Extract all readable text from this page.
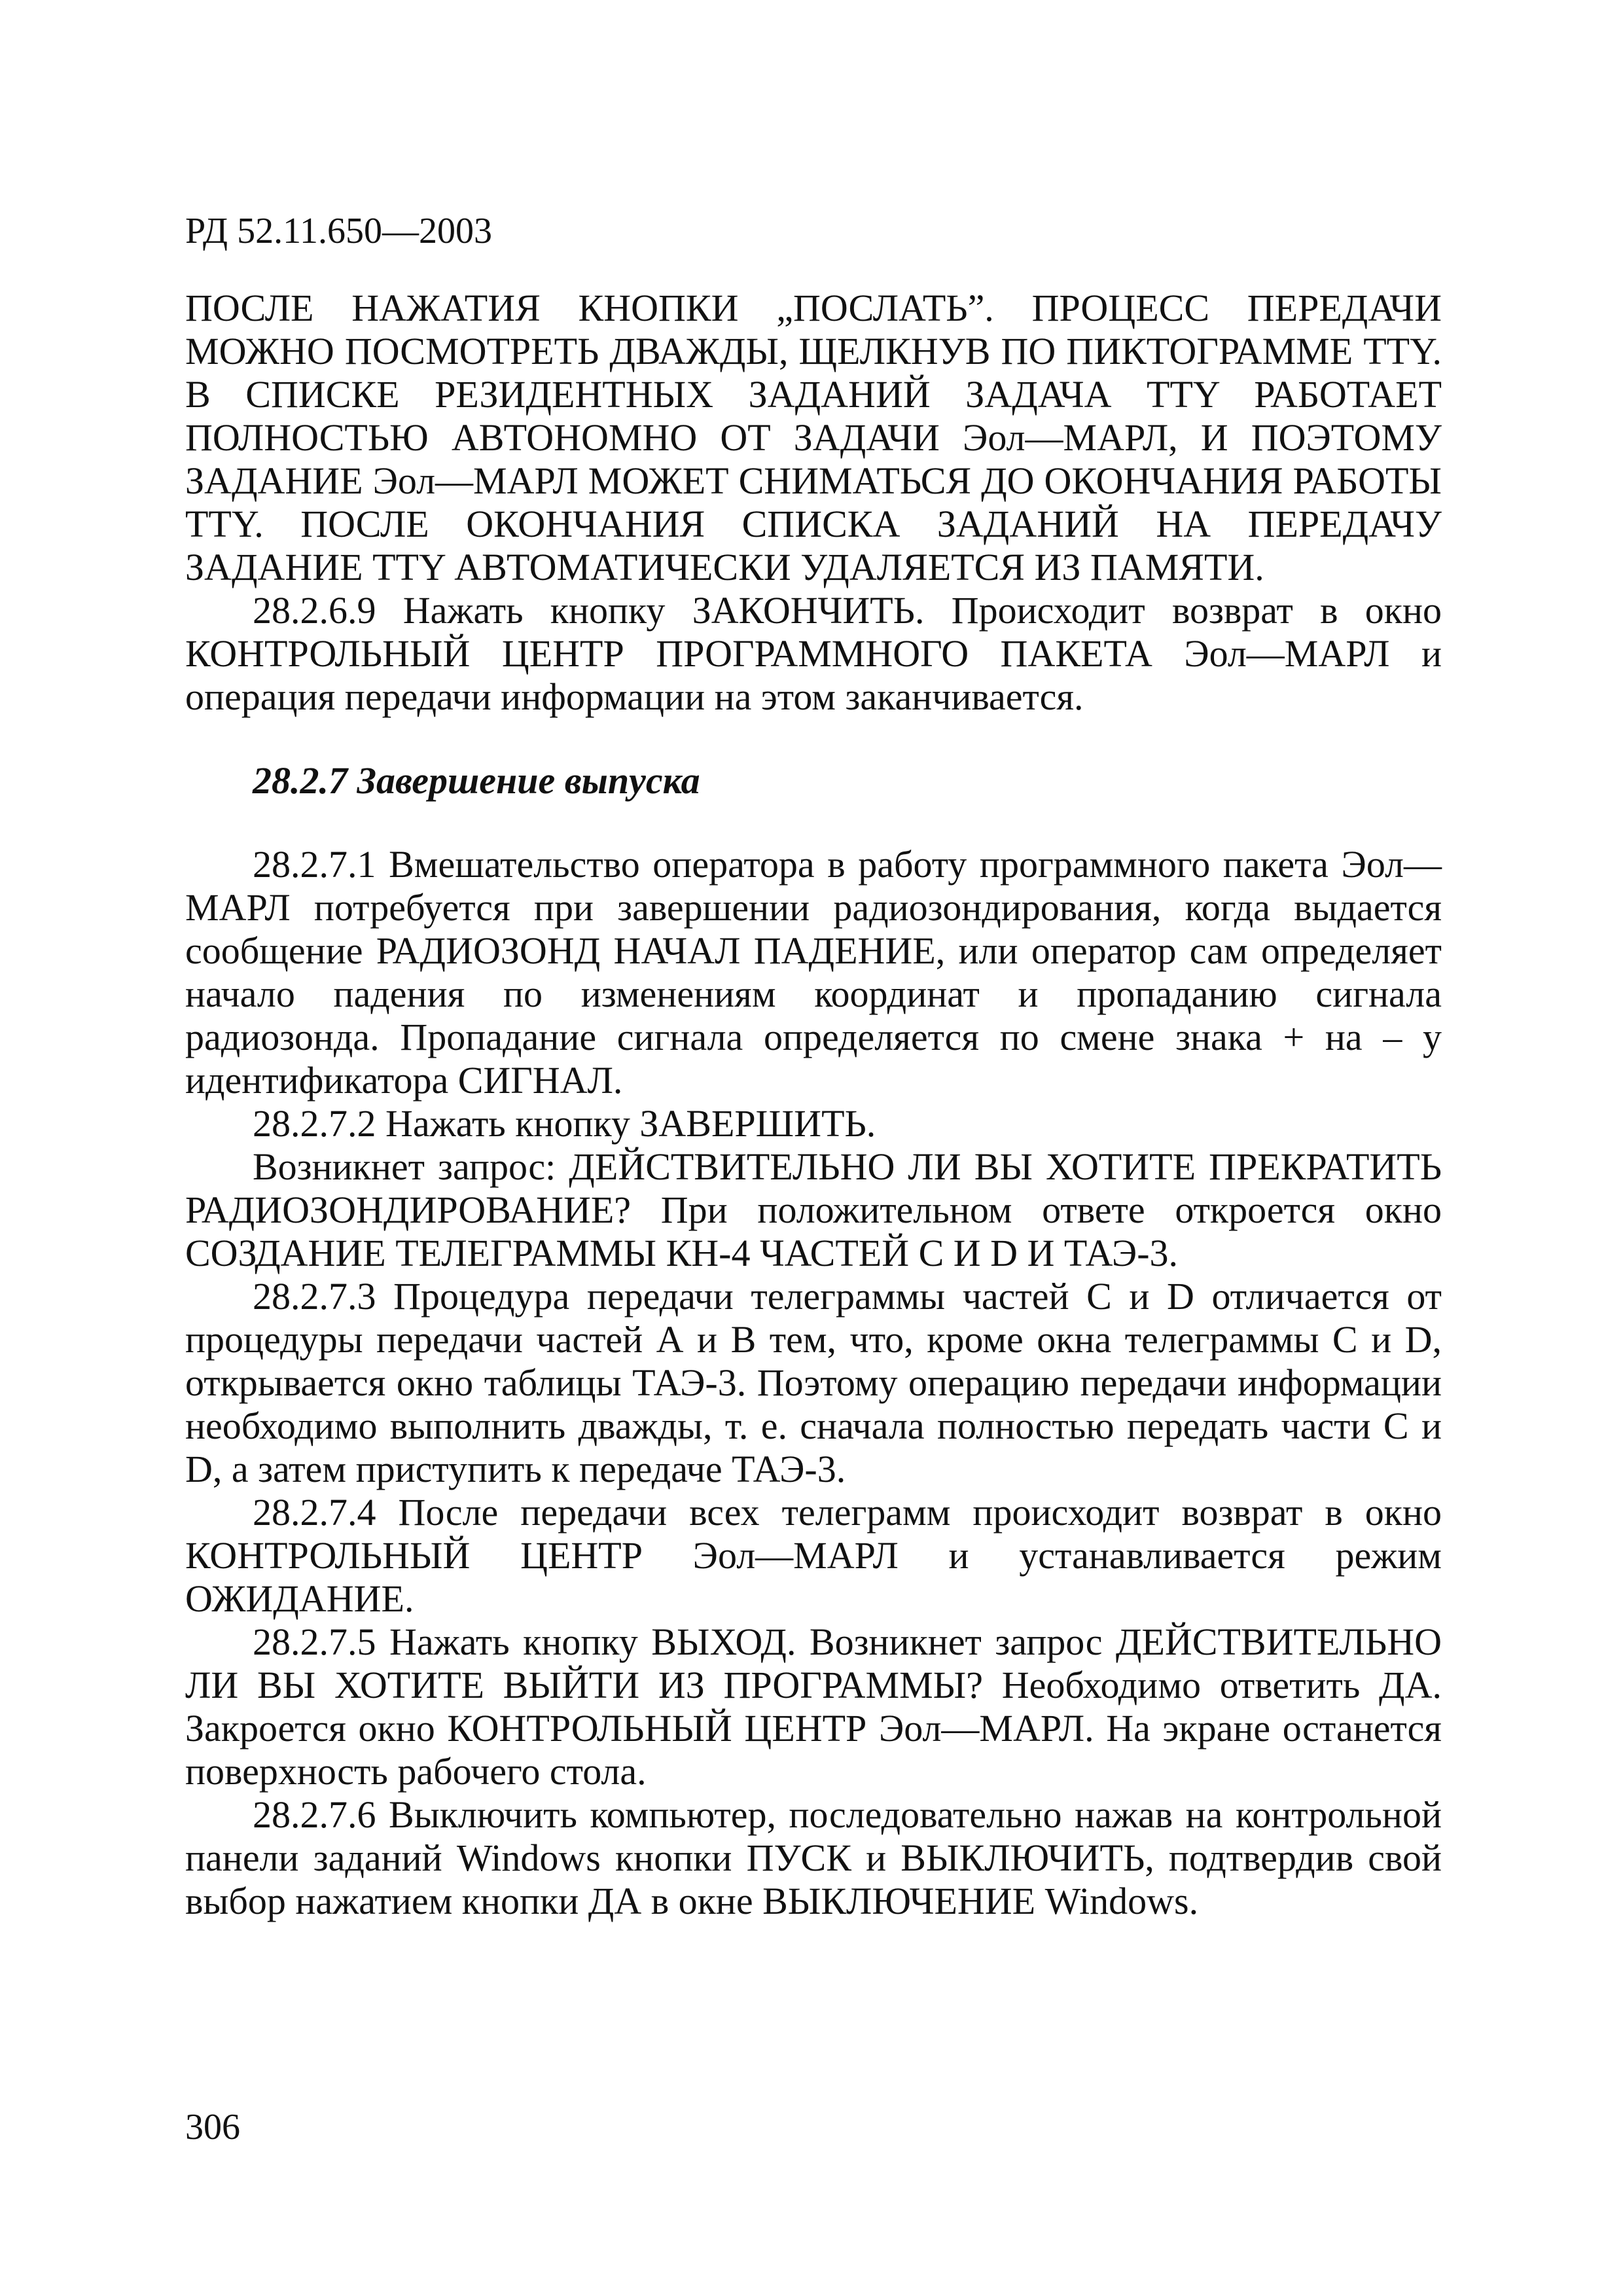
РД 52.11.650—2003

ПОСЛЕ НАЖАТИЯ КНОПКИ „ПОСЛАТЬ”. ПРОЦЕСС ПЕРЕДАЧИ МОЖНО ПОСМОТРЕТЬ ДВАЖДЫ, ЩЕЛКНУВ ПО ПИКТОГРАММЕ TTY. В СПИСКЕ РЕЗИДЕНТНЫХ ЗАДАНИЙ ЗАДАЧА TTY РАБОТАЕТ ПОЛНОСТЬЮ АВТОНОМНО ОТ ЗАДАЧИ Эол—МАРЛ, И ПОЭТОМУ ЗАДАНИЕ Эол—МАРЛ МОЖЕТ СНИМАТЬСЯ ДО ОКОНЧАНИЯ РАБОТЫ TTY. ПОСЛЕ ОКОНЧАНИЯ СПИСКА ЗАДАНИЙ НА ПЕРЕДАЧУ ЗАДАНИЕ TTY АВТОМАТИЧЕСКИ УДАЛЯЕТСЯ ИЗ ПАМЯТИ.

28.2.6.9 Нажать кнопку ЗАКОНЧИТЬ. Происходит возврат в окно КОНТРОЛЬНЫЙ ЦЕНТР ПРОГРАММНОГО ПАКЕТА Эол—МАРЛ и операция передачи информации на этом заканчивается.

28.2.7 Завершение выпуска

28.2.7.1 Вмешательство оператора в работу программного пакета Эол—МАРЛ потребуется при завершении радиозондирования, когда выдается сообщение РАДИОЗОНД НАЧАЛ ПАДЕНИЕ, или оператор сам определяет начало падения по изменениям координат и пропаданию сигнала радиозонда. Пропадание сигнала определяется по смене знака + на – у идентификатора СИГНАЛ.

28.2.7.2 Нажать кнопку ЗАВЕРШИТЬ.

Возникнет запрос: ДЕЙСТВИТЕЛЬНО ЛИ ВЫ ХОТИТЕ ПРЕКРАТИТЬ РАДИОЗОНДИРОВАНИЕ? При положительном ответе откроется окно СОЗДАНИЕ ТЕЛЕГРАММЫ КН-4 ЧАСТЕЙ С И D И ТАЭ-3.

28.2.7.3 Процедура передачи телеграммы частей С и D отличается от процедуры передачи частей А и В тем, что, кроме окна телеграммы С и D, открывается окно таблицы ТАЭ-3. Поэтому операцию передачи информации необходимо выполнить дважды, т. е. сначала полностью передать части С и D, а затем приступить к передаче ТАЭ-3.

28.2.7.4 После передачи всех телеграмм происходит возврат в окно КОНТРОЛЬНЫЙ ЦЕНТР Эол—МАРЛ и устанавливается режим ОЖИДАНИЕ.

28.2.7.5 Нажать кнопку ВЫХОД. Возникнет запрос ДЕЙСТВИТЕЛЬНО ЛИ ВЫ ХОТИТЕ ВЫЙТИ ИЗ ПРОГРАММЫ? Необходимо ответить ДА. Закроется окно КОНТРОЛЬНЫЙ ЦЕНТР Эол—МАРЛ. На экране останется поверхность рабочего стола.

28.2.7.6 Выключить компьютер, последовательно нажав на контрольной панели заданий Windows кнопки ПУСК и ВЫКЛЮЧИТЬ, подтвердив свой выбор нажатием кнопки ДА в окне ВЫКЛЮЧЕНИЕ Windows.

306
